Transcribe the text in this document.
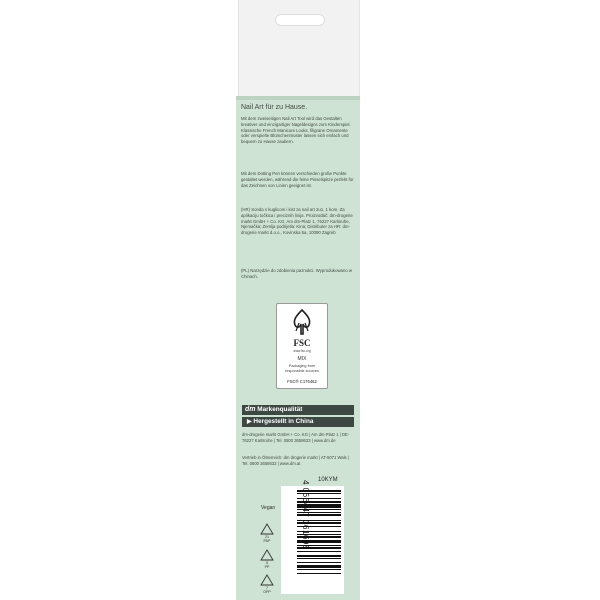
Nail Art für zu Hause.
Mit dem zweiseitigen Nail Art Tool wird das Gestalten kreativer und einzigartiger Nageldesigns zum Kinderspiel. Klassische French Manicure Looks, filigrane Ornamente oder verspielte Blümchenmuster lassen sich einfach und bequem zu Hause zaubern.
Mit dem Dotting Pen können verschieden große Punkte gestaltet werden, während die feine Pinselspitze perfekt für das Zeichnen von Linien geeignet ist.
(HR) Sonda s kuglicom i kist za nail art 2u1, 1 kom. Za aplikaciju točkica i preciznih linija. Proizvođač: dm-drogerie markt GmbH + Co. KG, Am dm-Platz 1, 76227 Karlsruhe, Njemačka; Zemlja podrijetla: Kina; Distributer za HR: dm-drogerie markt d.o.o., Kovinska 5a, 10090 Zagreb
(PL) Narzędzie do zdobienia paznokci. Wyprodukowano w Chinach.
FSC
www.fsc.org
MIX
Packaging from responsible sources
FSC® C176462
dm Markenqualität
▶ Hergestellt in China
dm-drogerie markt GmbH + Co. KG | Am dm-Platz 1 | DE-76227 Karlsruhe | Tel. 0800 3658633 | www.dm.de
Vertrieb in Österreich: dm drogerie markt | AT-5071 Wals | Tel. 0800 3658633 | www.dm.at
10KYM
Vegan	4 066447 361698
21
PAP
5
PP
7
OPP
